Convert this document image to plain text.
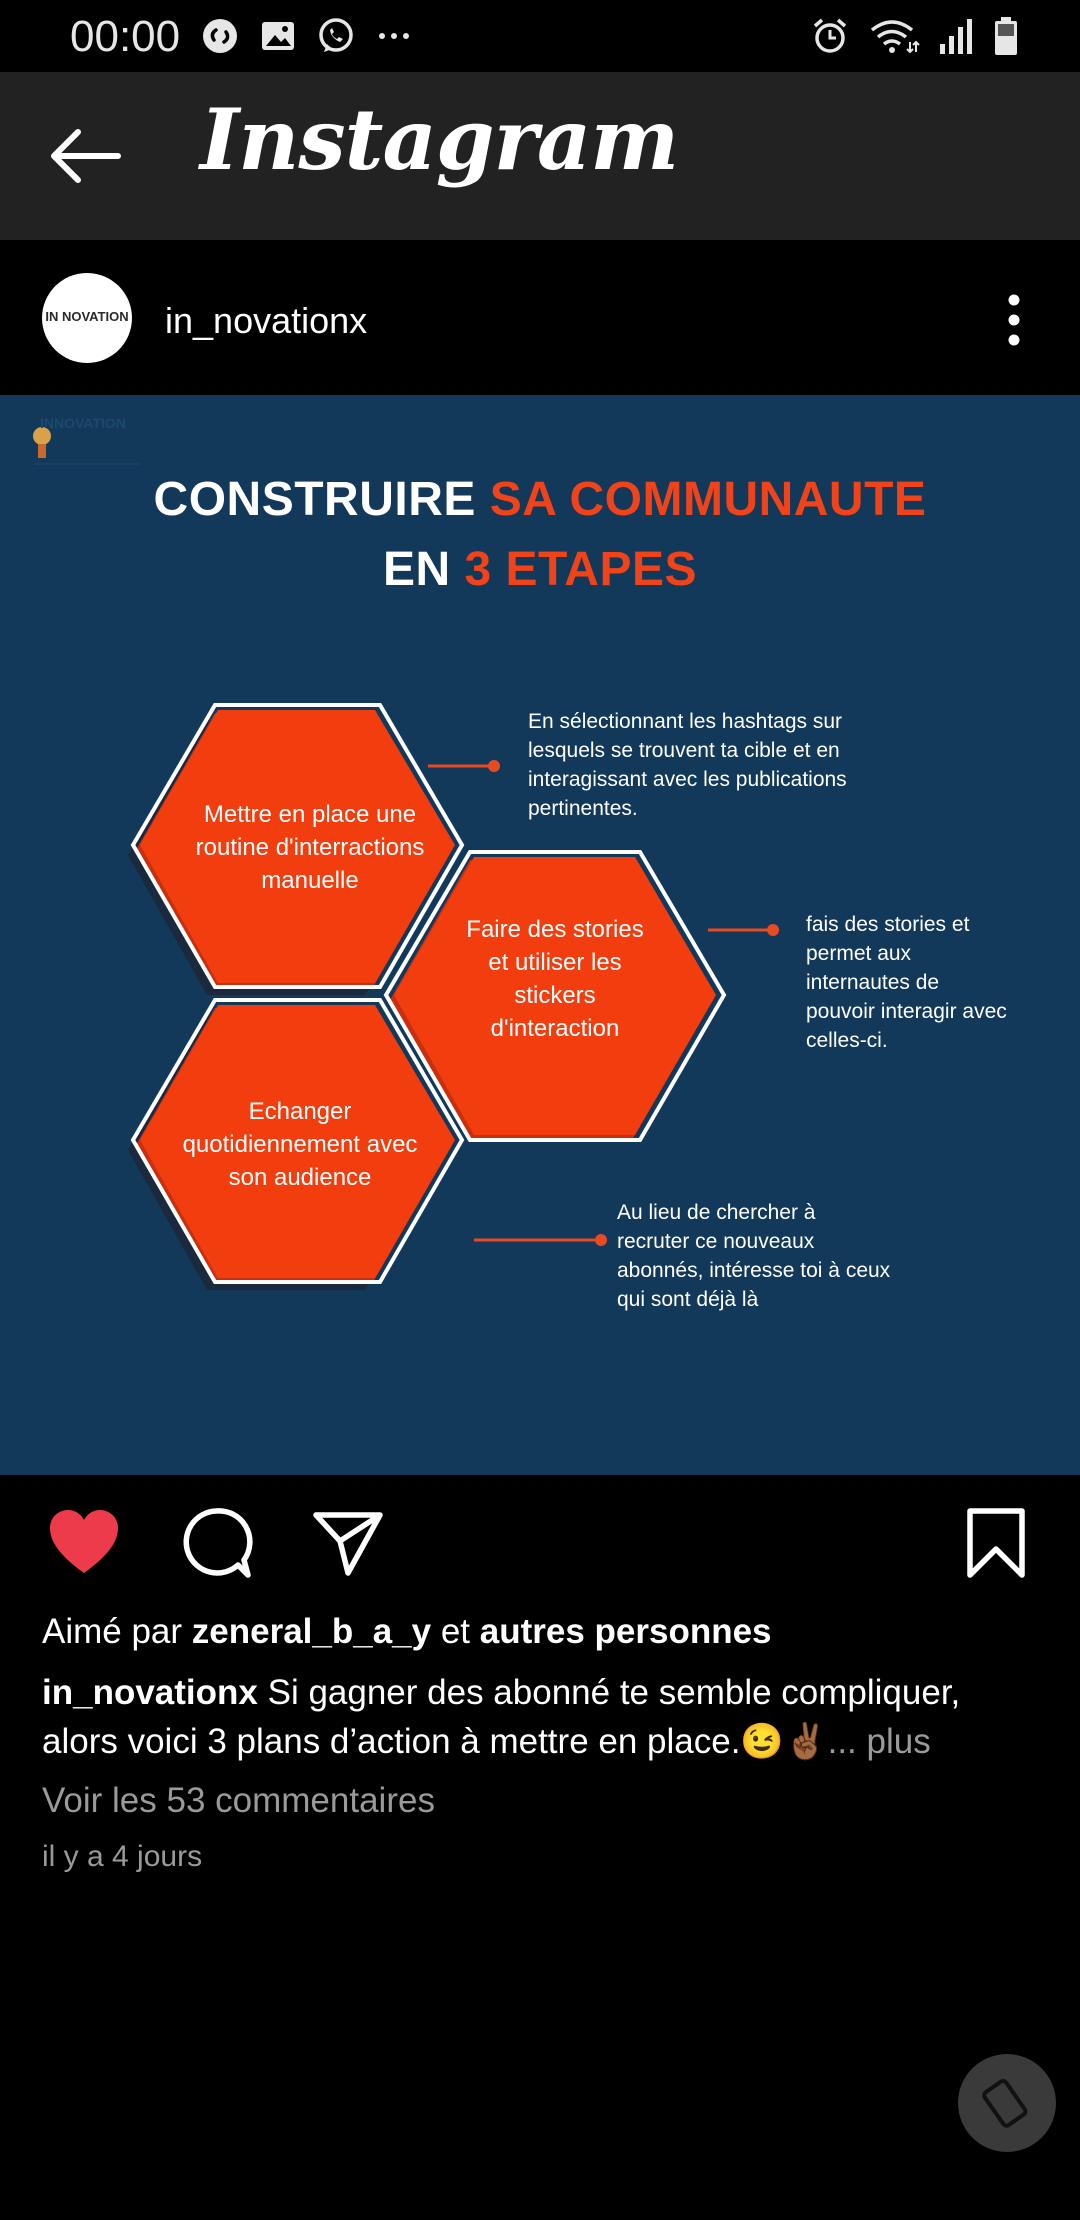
00:00
Instagram
IN NOVATION in_novationx
INNOVATION
CONSTRUIRE SA COMMUNAUTE
EN 3 ETAPES
Mettre en place une routine d'interractions manuelle
Faire des stories et utiliser les stickers d'interaction
Echanger quotidiennement avec son audience
En sélectionnant les hashtags sur lesquels se trouvent ta cible et en interagissant avec les publications pertinentes.
fais des stories et permet aux internautes de pouvoir interagir avec celles-ci.
Au lieu de chercher à recruter ce nouveaux abonnés, intéresse toi à ceux qui sont déjà là
Aimé par zeneral_b_a_y et autres personnes
in_novationx Si gagner des abonné te semble compliquer, alors voici 3 plans d’action à mettre en place.😉✌🏾... plus
Voir les 53 commentaires
il y a 4 jours
